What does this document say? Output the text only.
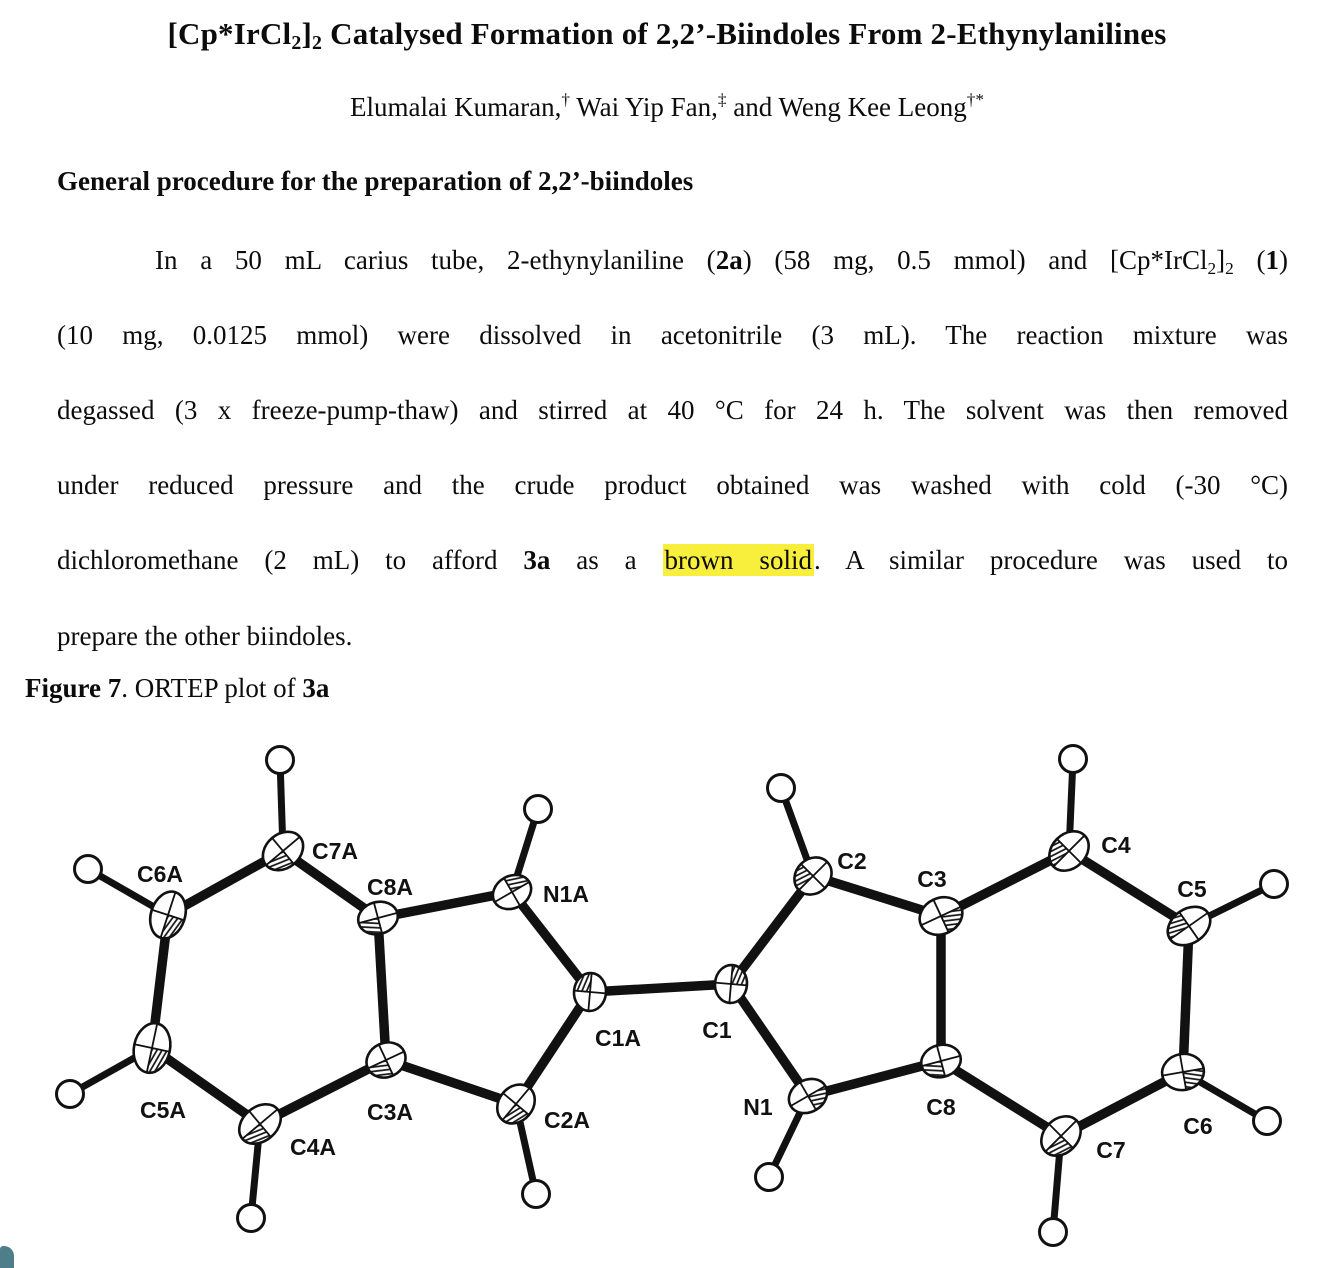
$[Cp*IrCl_2]_2$ Catalysed Formation of 2,2’-Biindoles From 2-Ethynylanilines
Elumalai Kumaran,† Wai Yip Fan,‡ and Weng Kee Leong†*
General procedure for the preparation of 2,2’-biindoles
In a 50 mL carius tube, 2-ethynylaniline (2a) (58 mg, 0.5 mmol) and $[Cp*IrCl_2]_2$ (1)
(10 mg, 0.0125 mmol) were dissolved in acetonitrile (3 mL). The reaction mixture was
degassed (3 x freeze-pump-thaw) and stirred at 40 °C for 24 h. The solvent was then removed
under reduced pressure and the crude product obtained was washed with cold (-30 °C)
dichloromethane (2 mL) to afford 3a as a brown solid. A similar procedure was used to
prepare the other biindoles.
Figure 7. ORTEP plot of 3a
C7A
C6A
C5A
C4A
C3A
C8A	N1A
C1A
C2A
C1
C2
C3
C4
C5
C6
C7
C8
N1
